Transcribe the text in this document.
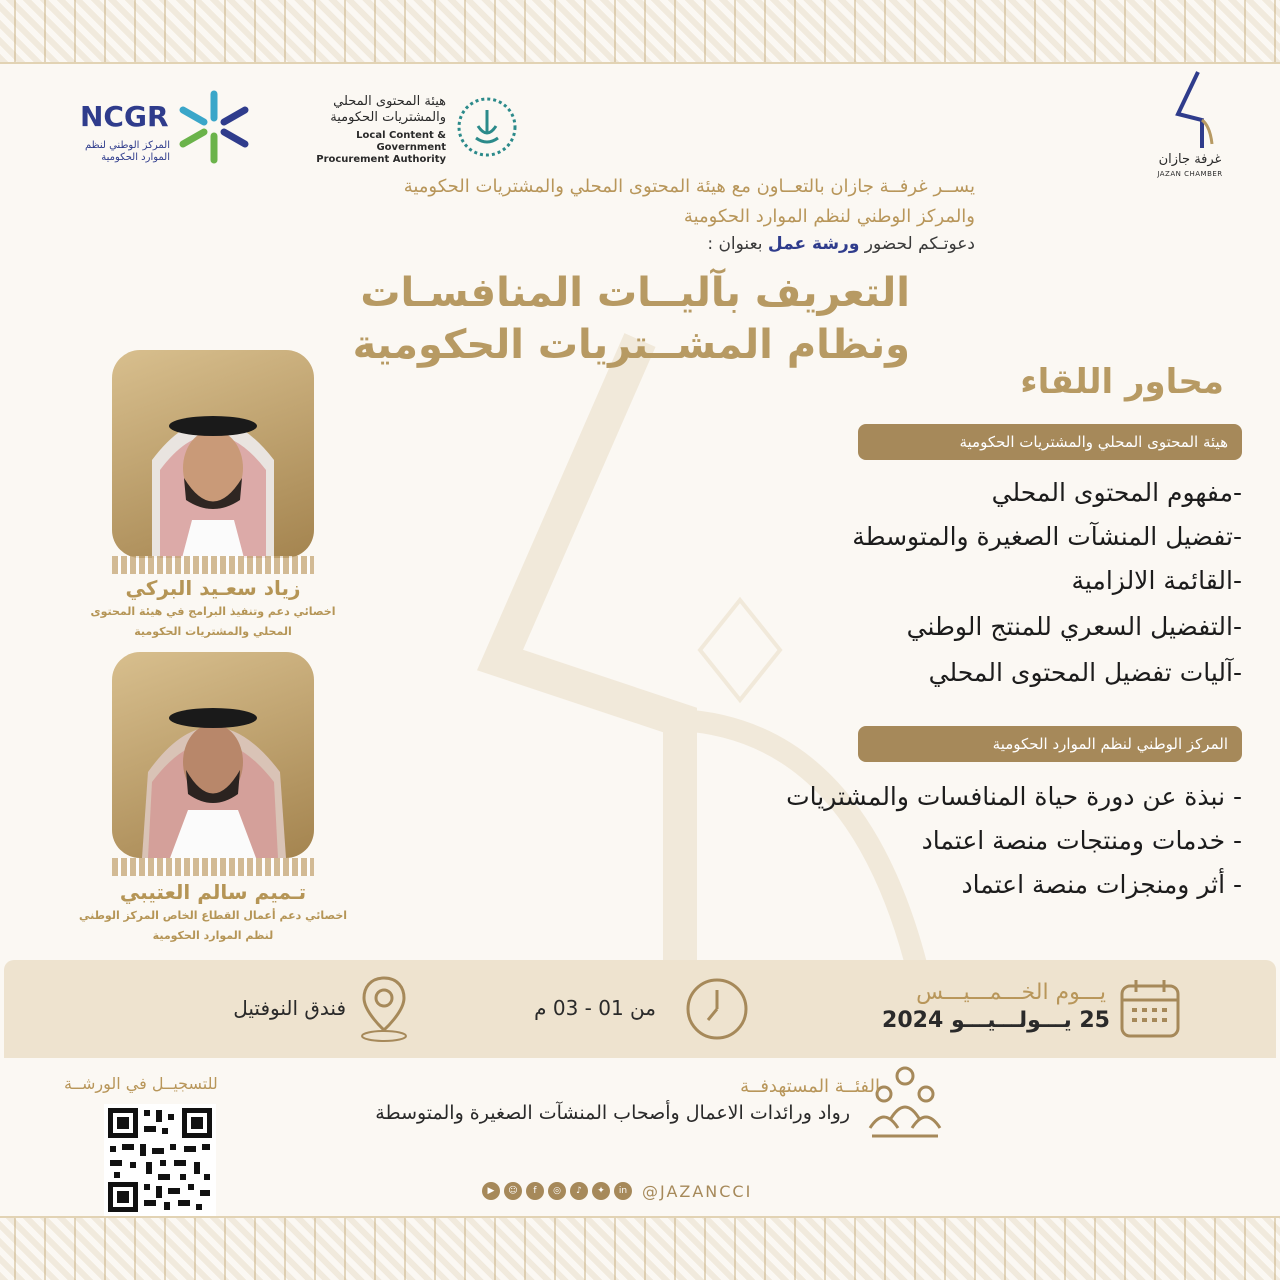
NCGR
المركز الوطني لنظم الموارد الحكومية
هيئة المحتوى المحلي
والمشتريات الحكومية
Local Content & Government
Procurement Authority	غرفة جازان
JAZAN CHAMBER
يســر غرفــة جازان بالتعــاون مع هيئة المحتوى المحلي والمشتريات الحكومية
والمركز الوطني لنظم الموارد الحكومية
دعوتـكم لحضور ورشة عمل بعنوان :
التعريف بآليــات المنافسـات
ونظام المشــتريات الحكومية
محاور اللقاء
هيئة المحتوى المحلي والمشتريات الحكومية
-مفهوم المحتوى المحلي
-تفضيل المنشآت الصغيرة والمتوسطة
-القائمة الالزامية
-التفضيل السعري للمنتج الوطني
-آليات تفضيل المحتوى المحلي
المركز الوطني لنظم الموارد الحكومية
- نبذة عن دورة حياة المنافسات والمشتريات
- خدمات ومنتجات منصة اعتماد
- أثر ومنجزات منصة اعتماد
زياد سعـيد البركي
اخصائي دعم وتنفيذ البرامج في هيئة المحتوى
المحلي والمشتريات الحكومية
تـميم سالم العتيبي
اخصائي دعم أعمال القطاع الخاص المركز الوطني
لنظم الموارد الحكومية
يـــوم الخـــمـــيـــس
25 يـــولـــيـــو 2024
من 01 - 03 م
فندق النوفتيل
الفئــة المستهدفــة
رواد ورائدات الاعمال وأصحاب المنشآت الصغيرة والمتوسطة
للتسجيــل في الورشــة
▶	☺	f	◎	♪	✦	in @JAZANCCI
